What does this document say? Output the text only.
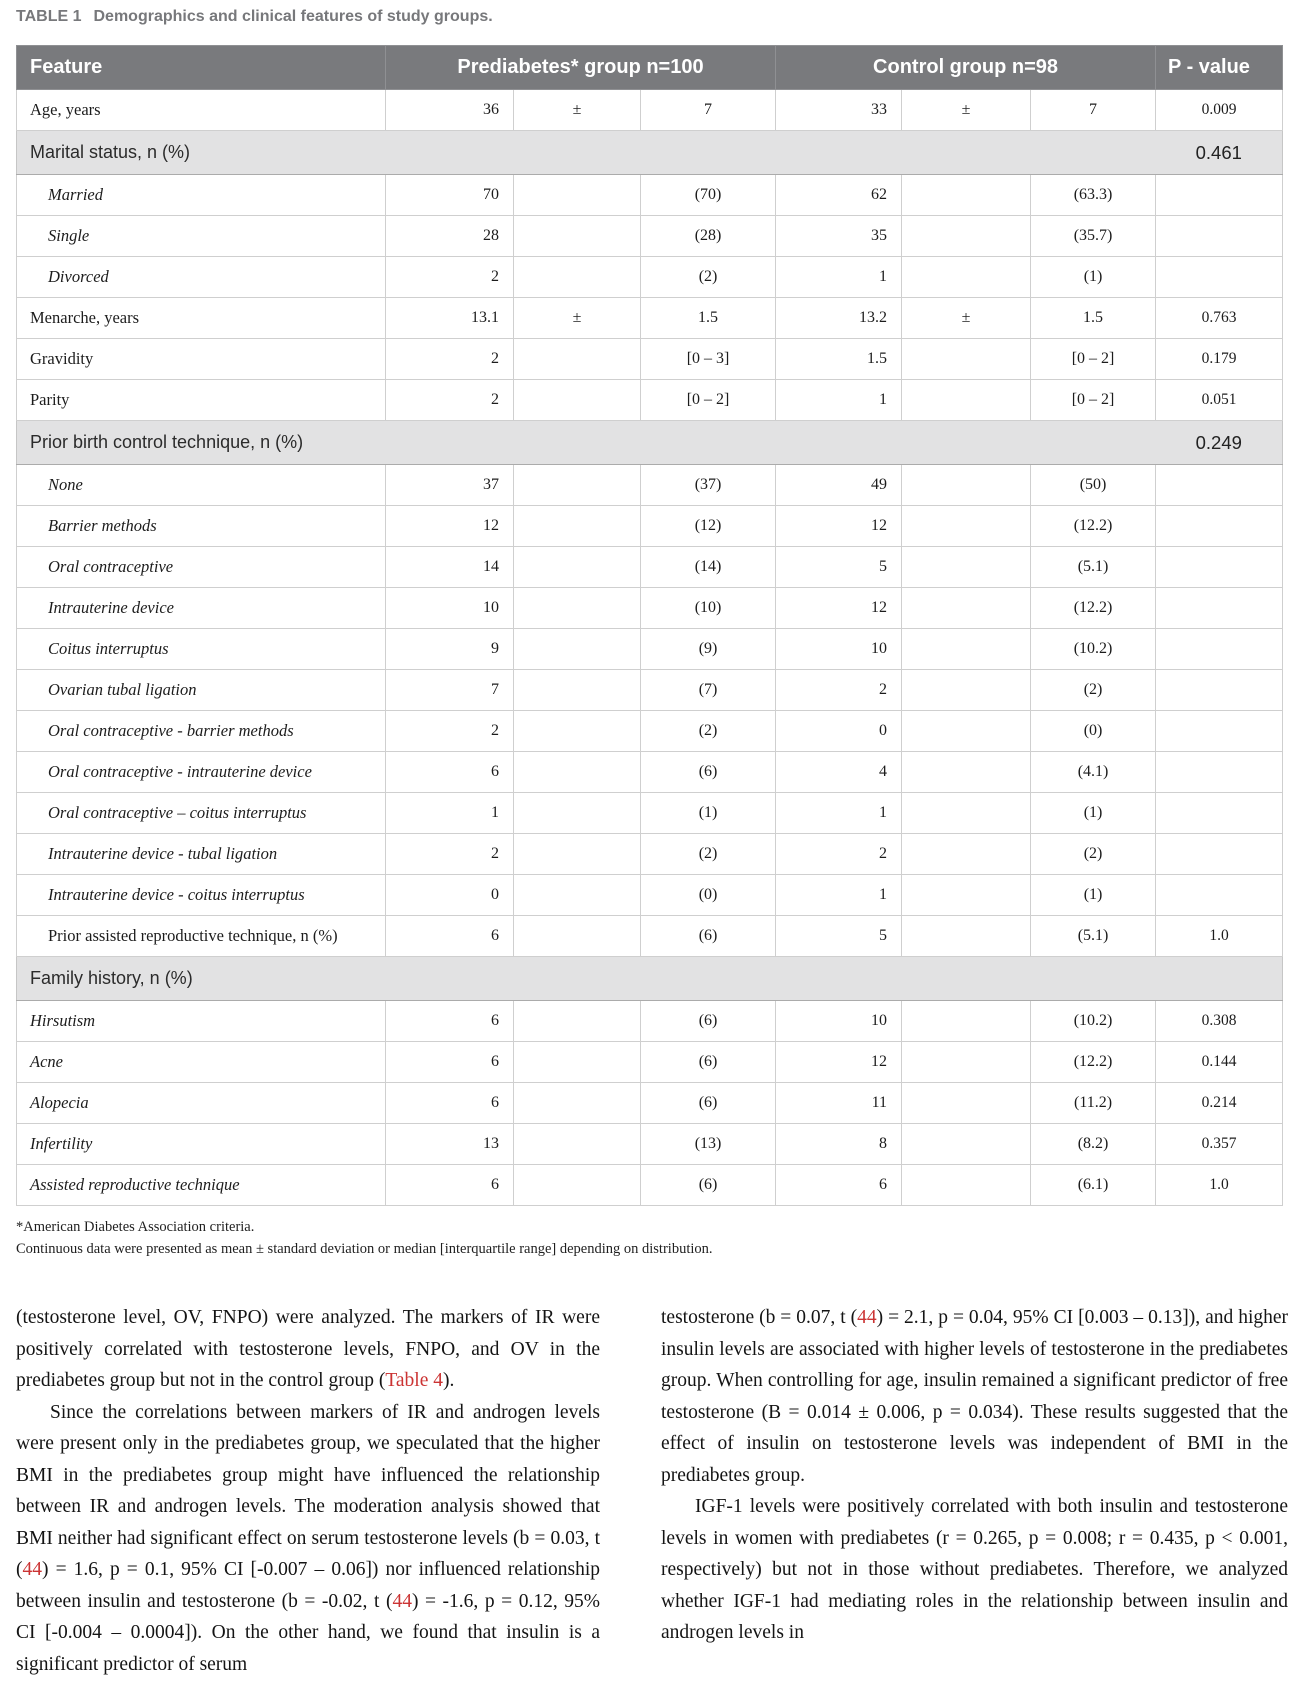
TABLE 1 Demographics and clinical features of study groups.
Feature	Prediabetes* group n=100			Control group n=98			P - value
Age, years	36	±	7	33	±	7	0.009
Marital status, n (%)							0.461
Married	70		(70)	62		(63.3)	
Single	28		(28)	35		(35.7)	
Divorced	2		(2)	1		(1)	
Menarche, years	13.1	±	1.5	13.2	±	1.5	0.763
Gravidity	2		[0 – 3]	1.5		[0 – 2]	0.179
Parity	2		[0 – 2]	1		[0 – 2]	0.051
Prior birth control technique, n (%)							0.249
None	37		(37)	49		(50)	
Barrier methods	12		(12)	12		(12.2)	
Oral contraceptive	14		(14)	5		(5.1)	
Intrauterine device	10		(10)	12		(12.2)	
Coitus interruptus	9		(9)	10		(10.2)	
Ovarian tubal ligation	7		(7)	2		(2)	
Oral contraceptive - barrier methods	2		(2)	0		(0)	
Oral contraceptive - intrauterine device	6		(6)	4		(4.1)	
Oral contraceptive – coitus interruptus	1		(1)	1		(1)	
Intrauterine device - tubal ligation	2		(2)	2		(2)	
Intrauterine device - coitus interruptus	0		(0)	1		(1)	
Prior assisted reproductive technique, n (%)	6		(6)	5		(5.1)	1.0
Family history, n (%)							
Hirsutism	6		(6)	10		(10.2)	0.308
Acne	6		(6)	12		(12.2)	0.144
Alopecia	6		(6)	11		(11.2)	0.214
Infertility	13		(13)	8		(8.2)	0.357
Assisted reproductive technique	6		(6)	6		(6.1)	1.0
*American Diabetes Association criteria.
Continuous data were presented as mean ± standard deviation or median [interquartile range] depending on distribution.

(testosterone level, OV, FNPO) were analyzed. The markers of IR were positively correlated with testosterone levels, FNPO, and OV in the prediabetes group but not in the control group (Table 4).

Since the correlations between markers of IR and androgen levels were present only in the prediabetes group, we speculated that the higher BMI in the prediabetes group might have influenced the relationship between IR and androgen levels. The moderation analysis showed that BMI neither had significant effect on serum testosterone levels (b = 0.03, t (44) = 1.6, p = 0.1, 95% CI [-0.007 – 0.06]) nor influenced relationship between insulin and testosterone (b = -0.02, t (44) = -1.6, p = 0.12, 95% CI [-0.004 – 0.0004]). On the other hand, we found that insulin is a significant predictor of serum

testosterone (b = 0.07, t (44) = 2.1, p = 0.04, 95% CI [0.003 – 0.13]), and higher insulin levels are associated with higher levels of testosterone in the prediabetes group. When controlling for age, insulin remained a significant predictor of free testosterone (B = 0.014 ± 0.006, p = 0.034). These results suggested that the effect of insulin on testosterone levels was independent of BMI in the prediabetes group.

IGF-1 levels were positively correlated with both insulin and testosterone levels in women with prediabetes (r = 0.265, p = 0.008; r = 0.435, p < 0.001, respectively) but not in those without prediabetes. Therefore, we analyzed whether IGF-1 had mediating roles in the relationship between insulin and androgen levels in
